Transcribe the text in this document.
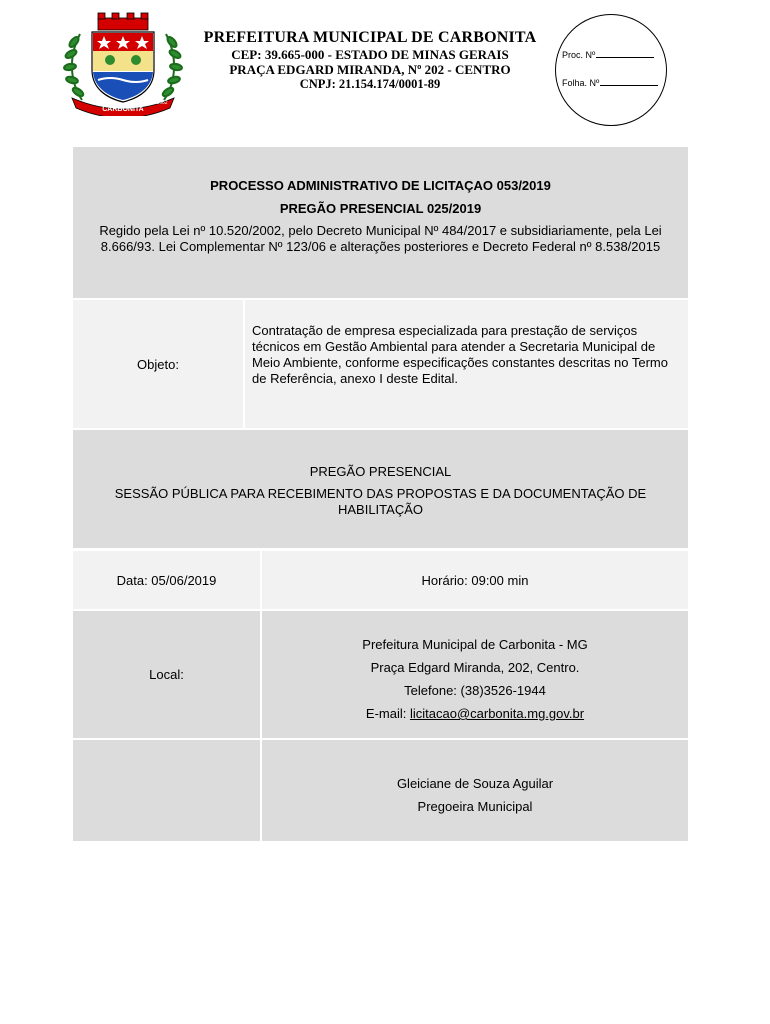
CARBONITA
1962
PREFEITURA MUNICIPAL DE CARBONITA
CEP: 39.665-000 - ESTADO DE MINAS GERAIS
PRAÇA EDGARD MIRANDA, Nº 202 - CENTRO
CNPJ: 21.154.174/0001-89
Proc. Nº
Folha. Nº
PROCESSO ADMINISTRATIVO DE LICITAÇAO 053/2019
PREGÃO PRESENCIAL 025/2019
Regido pela Lei nº 10.520/2002, pelo Decreto Municipal Nº 484/2017 e subsidiariamente, pela Lei 8.666/93. Lei Complementar Nº 123/06 e alterações posteriores e Decreto Federal nº 8.538/2015
Objeto:
Contratação de empresa especializada para prestação de serviços técnicos em Gestão Ambiental para atender a Secretaria Municipal de Meio Ambiente, conforme especificações constantes descritas no Termo de Referência, anexo I deste Edital.
PREGÃO PRESENCIAL
SESSÃO PÚBLICA PARA RECEBIMENTO DAS PROPOSTAS E DA DOCUMENTAÇÃO DE HABILITAÇÃO
Data: 05/06/2019	Horário: 09:00 min
Local:
Prefeitura Municipal de Carbonita - MG
Praça Edgard Miranda, 202, Centro.
Telefone: (38)3526-1944
E-mail: licitacao@carbonita.mg.gov.br
Gleiciane de Souza Aguilar
Pregoeira Municipal
